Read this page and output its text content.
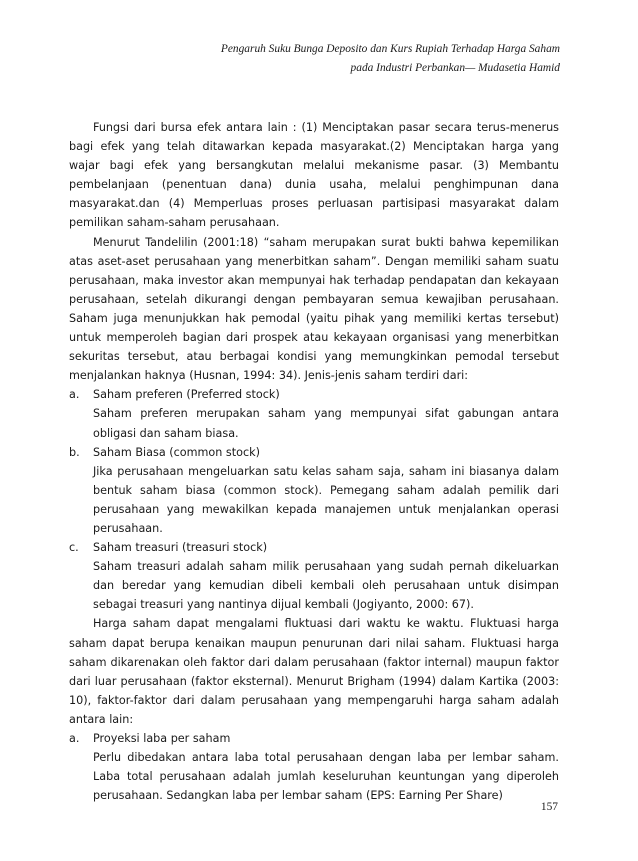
Pengaruh Suku Bunga Deposito dan Kurs Rupiah Terhadap Harga Saham
pada Industri Perbankan— Mudasetia Hamid

Fungsi dari bursa efek antara lain : (1) Menciptakan pasar secara terus-menerus bagi efek yang telah ditawarkan kepada masyarakat.(2) Menciptakan harga yang wajar bagi efek yang bersangkutan melalui mekanisme pasar. (3) Membantu pembelanjaan (penentuan dana) dunia usaha, melalui penghimpunan dana masyarakat.dan (4) Memperluas proses perluasan partisipasi masyarakat dalam pemilikan saham-saham perusahaan.

Menurut Tandelilin (2001:18) “saham merupakan surat bukti bahwa kepemilikan atas aset-aset perusahaan yang menerbitkan saham”. Dengan memiliki saham suatu perusahaan, maka investor akan mempunyai hak terhadap pendapatan dan kekayaan perusahaan, setelah dikurangi dengan pembayaran semua kewajiban perusahaan. Saham juga menunjukkan hak pemodal (yaitu pihak yang memiliki kertas tersebut) untuk memperoleh bagian dari prospek atau kekayaan organisasi yang menerbitkan sekuritas tersebut, atau berbagai kondisi yang memungkinkan pemodal tersebut menjalankan haknya (Husnan, 1994: 34). Jenis-jenis saham terdiri dari:

a. Saham preferen (Preferred stock)
Saham preferen merupakan saham yang mempunyai sifat gabungan antara obligasi dan saham biasa.
b. Saham Biasa (common stock)
Jika perusahaan mengeluarkan satu kelas saham saja, saham ini biasanya dalam bentuk saham biasa (common stock). Pemegang saham adalah pemilik dari perusahaan yang mewakilkan kepada manajemen untuk menjalankan operasi perusahaan.
c. Saham treasuri (treasuri stock)
Saham treasuri adalah saham milik perusahaan yang sudah pernah dikeluarkan dan beredar yang kemudian dibeli kembali oleh perusahaan untuk disimpan sebagai treasuri yang nantinya dijual kembali (Jogiyanto, 2000: 67).

Harga saham dapat mengalami fluktuasi dari waktu ke waktu. Fluktuasi harga saham dapat berupa kenaikan maupun penurunan dari nilai saham. Fluktuasi harga saham dikarenakan oleh faktor dari dalam perusahaan (faktor internal) maupun faktor dari luar perusahaan (faktor eksternal). Menurut Brigham (1994) dalam Kartika (2003: 10), faktor-faktor dari dalam perusahaan yang mempengaruhi harga saham adalah antara lain:

a. Proyeksi laba per saham
Perlu dibedakan antara laba total perusahaan dengan laba per lembar saham. Laba total perusahaan adalah jumlah keseluruhan keuntungan yang diperoleh perusahaan. Sedangkan laba per lembar saham (EPS: Earning Per Share)
157
